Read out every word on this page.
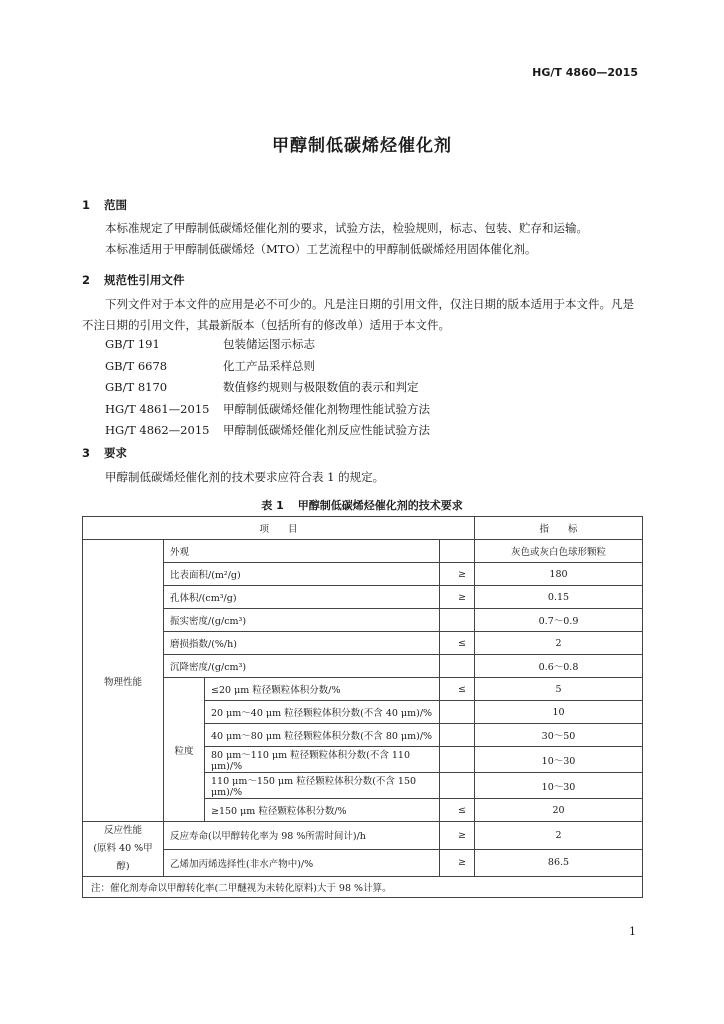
HG/T 4860—2015
甲醇制低碳烯烃催化剂
1 范围

本标准规定了甲醇制低碳烯烃催化剂的要求，试验方法，检验规则，标志、包装、贮存和运输。

本标准适用于甲醇制低碳烯烃（MTO）工艺流程中的甲醇制低碳烯烃用固体催化剂。

2 规范性引用文件

下列文件对于本文件的应用是必不可少的。凡是注日期的引用文件，仅注日期的版本适用于本文件。凡是不注日期的引用文件，其最新版本（包括所有的修改单）适用于本文件。

GB/T 191	包装储运图示标志
GB/T 6678	化工产品采样总则
GB/T 8170	数值修约规则与极限数值的表示和判定
HG/T 4861—2015 甲醇制低碳烯烃催化剂物理性能试验方法
HG/T 4862—2015 甲醇制低碳烯烃催化剂反应性能试验方法
3 要求

甲醇制低碳烯烃催化剂的技术要求应符合表 1 的规定。

表 1 甲醇制低碳烯烃催化剂的技术要求
项　　目				指　　标
物理性能	外观			灰色或灰白色球形颗粒
	比表面积/(m²/g)		≥	180
	孔体积/(cm³/g)		≥	0.15
	振实密度/(g/cm³)			0.7～0.9
	磨损指数/(%/h)		≤	2
	沉降密度/(g/cm³)			0.6～0.8
	粒度	≤20 μm 粒径颗粒体积分数/%	≤	5
		20 μm～40 μm 粒径颗粒体积分数(不含 40 μm)/%		10
		40 μm～80 μm 粒径颗粒体积分数(不含 80 μm)/%		30～50
		80 μm～110 μm 粒径颗粒体积分数(不含 110 μm)/%		10～30
		110 μm～150 μm 粒径颗粒体积分数(不含 150 μm)/%		10～30
		≥150 μm 粒径颗粒体积分数/%	≤	20

反应性能
(原料 40 %甲醇)	反应寿命(以甲醇转化率为 98 %所需时间计)/h		≥	2
	乙烯加丙烯选择性(非水产物中)/%		≥	86.5
注：催化剂寿命以甲醇转化率(二甲醚视为未转化原料)大于 98 %计算。				
1
